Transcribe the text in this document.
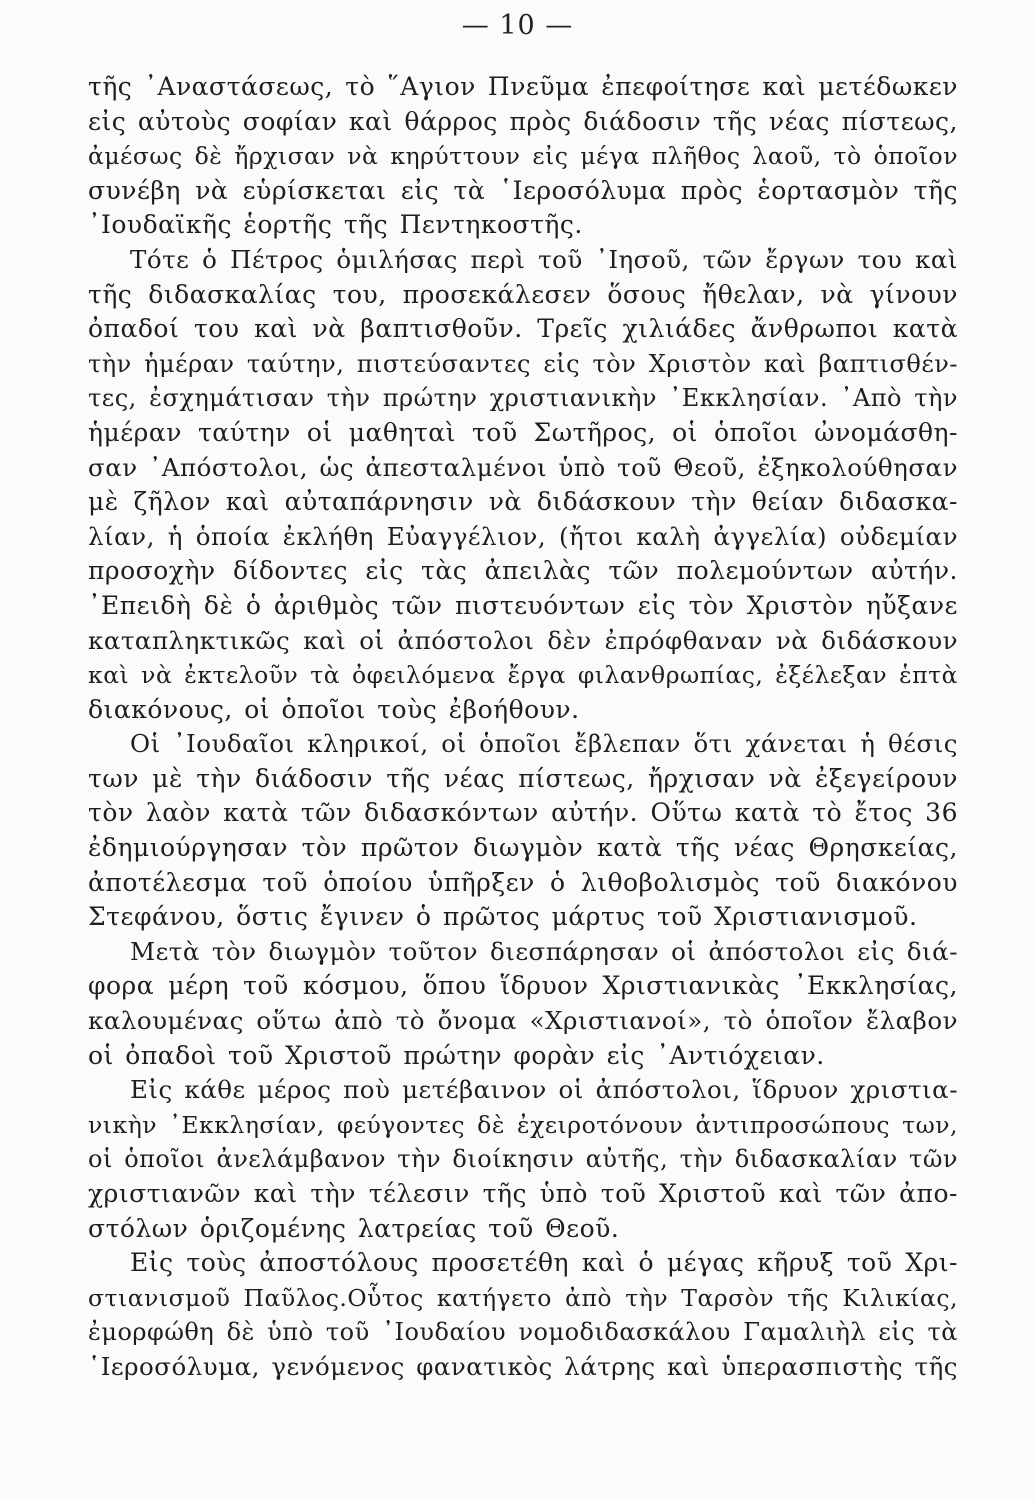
— 10 —

τῆς ᾿Αναστάσεως, τὸ ῞Αγιον Πνεῦμα ἐπεφοίτησε καὶ μετέδωκεν
εἰς αὐτοὺς σοφίαν καὶ θάρρος πρὸς διάδοσιν τῆς νέας πίστεως,
ἀμέσως δὲ ἤρχισαν νὰ κηρύττουν εἰς μέγα πλῆθος λαοῦ, τὸ ὁποῖον
συνέβη νὰ εὑρίσκεται εἰς τὰ ῾Ιεροσόλυμα πρὸς ἑορτασμὸν τῆς
᾿Ιουδαϊκῆς ἑορτῆς τῆς Πεντηκοστῆς.

Τότε ὁ Πέτρος ὁμιλήσας περὶ τοῦ ᾿Ιησοῦ, τῶν ἔργων του καὶ
τῆς διδασκαλίας του, προσεκάλεσεν ὅσους ἤθελαν, νὰ γίνουν
ὀπαδοί του καὶ νὰ βαπτισθοῦν. Τρεῖς χιλιάδες ἄνθρωποι κατὰ
τὴν ἡμέραν ταύτην, πιστεύσαντες εἰς τὸν Χριστὸν καὶ βαπτισθέν-
τες, ἐσχημάτισαν τὴν πρώτην χριστιανικὴν ᾿Εκκλησίαν. ᾿Απὸ τὴν
ἡμέραν ταύτην οἱ μαθηταὶ τοῦ Σωτῆρος, οἱ ὁποῖοι ὠνομάσθη-
σαν ᾿Απόστολοι, ὡς ἀπεσταλμένοι ὑπὸ τοῦ Θεοῦ, ἐξηκολούθησαν
μὲ ζῆλον καὶ αὐταπάρνησιν νὰ διδάσκουν τὴν θείαν διδασκα-
λίαν, ἡ ὁποία ἐκλήθη Εὐαγγέλιον, (ἤτοι καλὴ ἀγγελία) οὐδεμίαν
προσοχὴν δίδοντες εἰς τὰς ἀπειλὰς τῶν πολεμούντων αὐτήν.
᾿Επειδὴ δὲ ὁ ἀριθμὸς τῶν πιστευόντων εἰς τὸν Χριστὸν ηὔξανε
καταπληκτικῶς καὶ οἱ ἀπόστολοι δὲν ἐπρόφθαναν νὰ διδάσκουν
καὶ νὰ ἐκτελοῦν τὰ ὀφειλόμενα ἔργα φιλανθρωπίας, ἐξέλεξαν ἑπτὰ
διακόνους, οἱ ὁποῖοι τοὺς ἐβοήθουν.

Οἱ ᾿Ιουδαῖοι κληρικοί, οἱ ὁποῖοι ἔβλεπαν ὅτι χάνεται ἡ θέσις
των μὲ τὴν διάδοσιν τῆς νέας πίστεως, ἤρχισαν νὰ ἐξεγείρουν
τὸν λαὸν κατὰ τῶν διδασκόντων αὐτήν. Οὕτω κατὰ τὸ ἔτος 36
ἐδημιούργησαν τὸν πρῶτον διωγμὸν κατὰ τῆς νέας Θρησκείας,
ἀποτέλεσμα τοῦ ὁποίου ὑπῆρξεν ὁ λιθοβολισμὸς τοῦ διακόνου
Στεφάνου, ὅστις ἔγινεν ὁ πρῶτος μάρτυς τοῦ Χριστιανισμοῦ.

Μετὰ τὸν διωγμὸν τοῦτον διεσπάρησαν οἱ ἀπόστολοι εἰς διά-
φορα μέρη τοῦ κόσμου, ὅπου ἵδρυον Χριστιανικὰς ᾿Εκκλησίας,
καλουμένας οὕτω ἀπὸ τὸ ὄνομα «Χριστιανοί», τὸ ὁποῖον ἔλαβον
οἱ ὀπαδοὶ τοῦ Χριστοῦ πρώτην φορὰν εἰς ᾿Αντιόχειαν.

Εἰς κάθε μέρος ποὺ μετέβαινον οἱ ἀπόστολοι, ἵδρυον χριστια-
νικὴν ᾿Εκκλησίαν, φεύγοντες δὲ ἐχειροτόνουν ἀντιπροσώπους των,
οἱ ὁποῖοι ἀνελάμβανον τὴν διοίκησιν αὐτῆς, τὴν διδασκαλίαν τῶν
χριστιανῶν καὶ τὴν τέλεσιν τῆς ὑπὸ τοῦ Χριστοῦ καὶ τῶν ἀπο-
στόλων ὁριζομένης λατρείας τοῦ Θεοῦ.

Εἰς τοὺς ἀποστόλους προσετέθη καὶ ὁ μέγας κῆρυξ τοῦ Χρι-
στιανισμοῦ Παῦλος.Οὗτος κατήγετο ἀπὸ τὴν Ταρσὸν τῆς Κιλικίας,
ἐμορφώθη δὲ ὑπὸ τοῦ ᾿Ιουδαίου νομοδιδασκάλου Γαμαλιὴλ εἰς τὰ
῾Ιεροσόλυμα, γενόμενος φανατικὸς λάτρης καὶ ὑπερασπιστὴς τῆς
